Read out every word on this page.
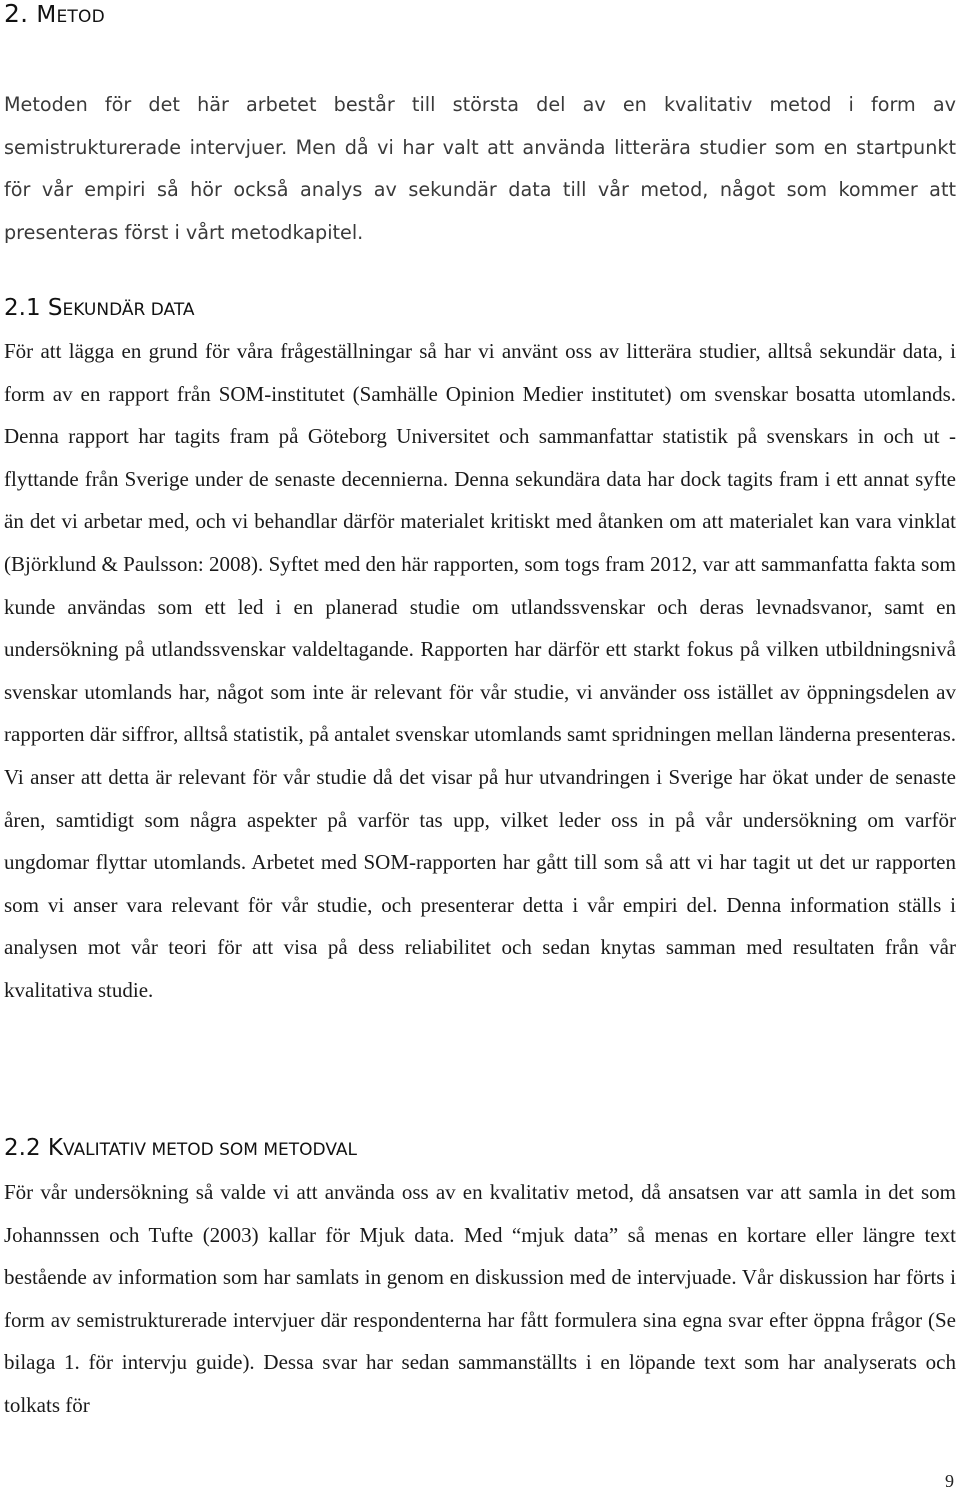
2. METOD

Metoden för det här arbetet består till största del av en kvalitativ metod i form av semistrukturerade intervjuer. Men då vi har valt att använda litterära studier som en startpunkt för vår empiri så hör också analys av sekundär data till vår metod, något som kommer att presenteras först i vårt metodkapitel.

2.1 SEKUNDÄR DATA

För att lägga en grund för våra frågeställningar så har vi använt oss av litterära studier, alltså sekundär data, i form av en rapport från SOM-institutet (Samhälle Opinion Medier institutet) om svenskar bosatta utomlands. Denna rapport har tagits fram på Göteborg Universitet och sammanfattar statistik på svenskars in och ut - flyttande från Sverige under de senaste decennierna. Denna sekundära data har dock tagits fram i ett annat syfte än det vi arbetar med, och vi behandlar därför materialet kritiskt med åtanken om att materialet kan vara vinklat (Björklund & Paulsson: 2008). Syftet med den här rapporten, som togs fram 2012, var att sammanfatta fakta som kunde användas som ett led i en planerad studie om utlandssvenskar och deras levnadsvanor, samt en undersökning på utlandssvenskar valdeltagande. Rapporten har därför ett starkt fokus på vilken utbildningsnivå svenskar utomlands har, något som inte är relevant för vår studie, vi använder oss istället av öppningsdelen av rapporten där siffror, alltså statistik, på antalet svenskar utomlands samt spridningen mellan länderna presenteras. Vi anser att detta är relevant för vår studie då det visar på hur utvandringen i Sverige har ökat under de senaste åren, samtidigt som några aspekter på varför tas upp, vilket leder oss in på vår undersökning om varför ungdomar flyttar utomlands. Arbetet med SOM-rapporten har gått till som så att vi har tagit ut det ur rapporten som vi anser vara relevant för vår studie, och presenterar detta i vår empiri del. Denna information ställs i analysen mot vår teori för att visa på dess reliabilitet och sedan knytas samman med resultaten från vår kvalitativa studie.

2.2 KVALITATIV METOD SOM METODVAL

För vår undersökning så valde vi att använda oss av en kvalitativ metod, då ansatsen var att samla in det som Johannssen och Tufte (2003) kallar för Mjuk data. Med “mjuk data” så menas en kortare eller längre text bestående av information som har samlats in genom en diskussion med de intervjuade. Vår diskussion har förts i form av semistrukturerade intervjuer där respondenterna har fått formulera sina egna svar efter öppna frågor (Se bilaga 1. för intervju guide). Dessa svar har sedan sammanställts i en löpande text som har analyserats och tolkats för

9
